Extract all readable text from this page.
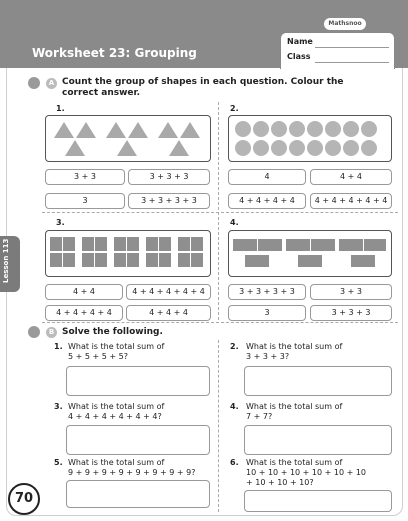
Mathsnoo
Worksheet 23: Grouping
Name
Class
Lesson 113
A Count the group of shapes in each question. Colour the
correct answer.
1.
3 + 3	3 + 3 + 3
3	3 + 3 + 3 + 3
2.
4	4 + 4
4 + 4 + 4 + 4	4 + 4 + 4 + 4 + 4
3.
4 + 4	4 + 4 + 4 + 4 + 4
4 + 4 + 4 + 4	4 + 4 + 4
4.
3 + 3 + 3 + 3	3 + 3
3	3 + 3 + 3
B Solve the following.
1. What is the total sum of
5 + 5 + 5 + 5?
2. What is the total sum of
3 + 3 + 3?
3. What is the total sum of
4 + 4 + 4 + 4 + 4 + 4?
4. What is the total sum of
7 + 7?
5. What is the total sum of
9 + 9 + 9 + 9 + 9 + 9 + 9 + 9?
6. What is the total sum of
10 + 10 + 10 + 10 + 10 + 10
+ 10 + 10 + 10?
70
